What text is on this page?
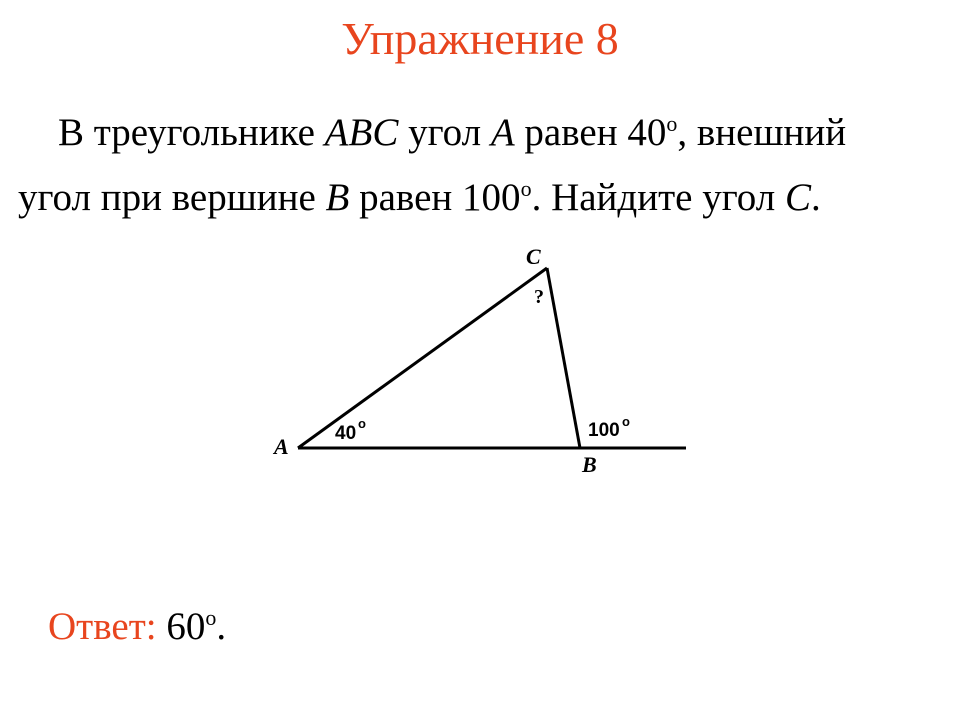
Упражнение 8
В треугольнике ABC угол A равен 40$^o$, внешний
угол при вершине B равен 100$^o$. Найдите угол C.
A
B
C
?
40 o	100 o
Ответ: 60$^o$.
